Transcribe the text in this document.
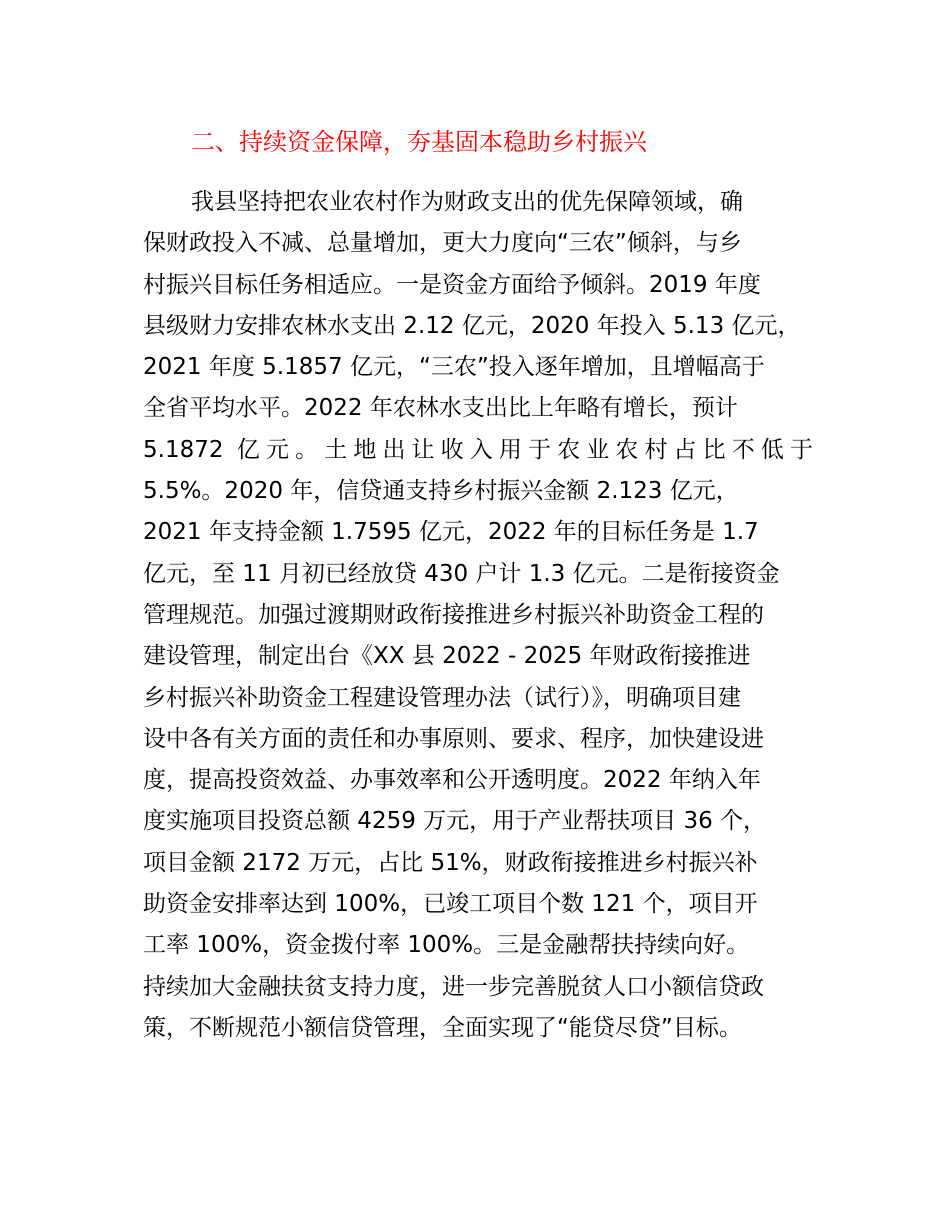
二、持续资金保障，夯基固本稳助乡村振兴
我县坚持把农业农村作为财政支出的优先保障领域，确
保财政投入不减、总量增加，更大力度向“三农”倾斜，与乡
村振兴目标任务相适应。一是资金方面给予倾斜。2019 年度
县级财力安排农林水支出 2.12 亿元，2020 年投入 5.13 亿元，
2021 年度 5.1857 亿元，“三农”投入逐年增加，且增幅高于
全省平均水平。2022 年农林水支出比上年略有增长，预计
5.1872 亿元。土地出让收入用于农业农村占比不低于
5.5%。2020 年，信贷通支持乡村振兴金额 2.123 亿元，
2021 年支持金额 1.7595 亿元，2022 年的目标任务是 1.7
亿元，至 11 月初已经放贷 430 户计 1.3 亿元。二是衔接资金
管理规范。加强过渡期财政衔接推进乡村振兴补助资金工程的
建设管理，制定出台《XX 县 2022 - 2025 年财政衔接推进
乡村振兴补助资金工程建设管理办法（试行）》，明确项目建
设中各有关方面的责任和办事原则、要求、程序，加快建设进
度，提高投资效益、办事效率和公开透明度。2022 年纳入年
度实施项目投资总额 4259 万元，用于产业帮扶项目 36 个，
项目金额 2172 万元，占比 51%，财政衔接推进乡村振兴补
助资金安排率达到 100%，已竣工项目个数 121 个，项目开
工率 100%，资金拨付率 100%。三是金融帮扶持续向好。
持续加大金融扶贫支持力度，进一步完善脱贫人口小额信贷政
策，不断规范小额信贷管理，全面实现了“能贷尽贷”目标。
